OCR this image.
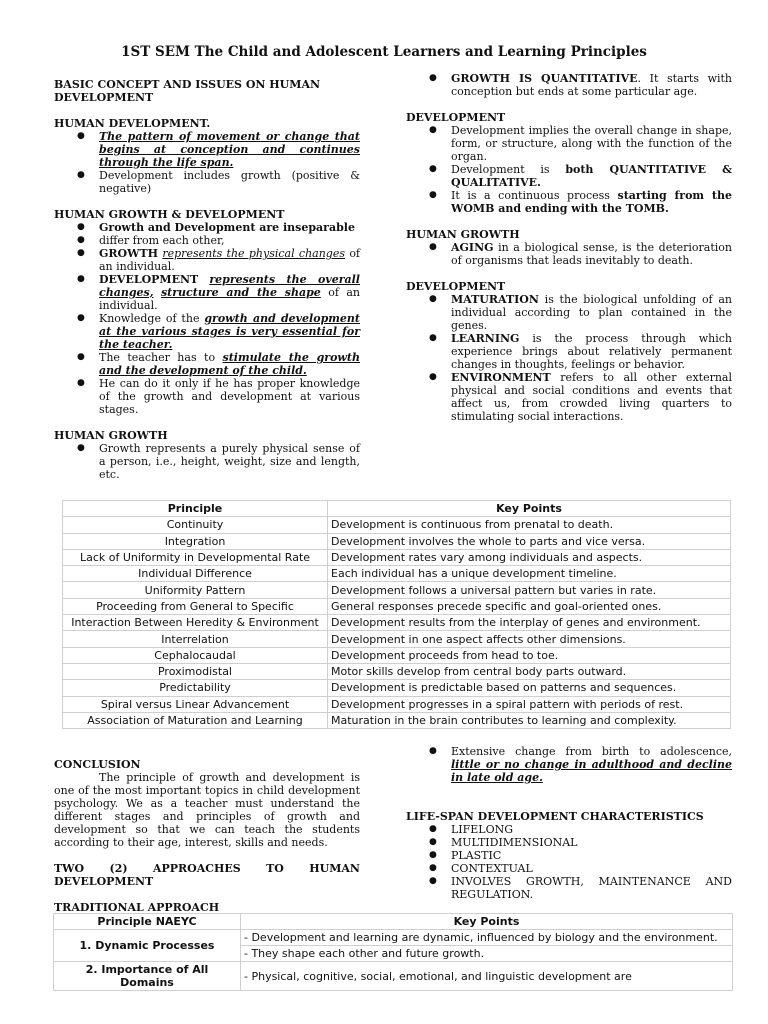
1ST SEM The Child and Adolescent Learners and Learning Principles

BASIC CONCEPT AND ISSUES ON HUMAN DEVELOPMENT

HUMAN DEVELOPMENT.

● The pattern of movement or change that begins at conception and continues through the life span.
● Development includes growth (positive & negative)

HUMAN GROWTH & DEVELOPMENT

● Growth and Development are inseparable
● differ from each other,
● GROWTH represents the physical changes of an individual.
● DEVELOPMENT represents the overall changes, structure and the shape of an individual.
● Knowledge of the growth and development at the various stages is very essential for the teacher.
● The teacher has to stimulate the growth and the development of the child.
● He can do it only if he has proper knowledge of the growth and development at various stages.

HUMAN GROWTH

● Growth represents a purely physical sense of a person, i.e., height, weight, size and length, etc.
● GROWTH IS QUANTITATIVE. It starts with conception but ends at some particular age.

DEVELOPMENT

● Development implies the overall change in shape, form, or structure, along with the function of the organ.
● Development is both QUANTITATIVE & QUALITATIVE.
● It is a continuous process starting from the WOMB and ending with the TOMB.

HUMAN GROWTH

● AGING in a biological sense, is the deterioration of organisms that leads inevitably to death.

DEVELOPMENT

● MATURATION is the biological unfolding of an individual according to plan contained in the genes.
● LEARNING is the process through which experience brings about relatively permanent changes in thoughts, feelings or behavior.
● ENVIRONMENT refers to all other external physical and social conditions and events that affect us, from crowded living quarters to stimulating social interactions.
Principle	Key Points
Continuity	Development is continuous from prenatal to death.
Integration	Development involves the whole to parts and vice versa.
Lack of Uniformity in Developmental Rate	Development rates vary among individuals and aspects.
Individual Difference	Each individual has a unique development timeline.
Uniformity Pattern	Development follows a universal pattern but varies in rate.
Proceeding from General to Specific	General responses precede specific and goal-oriented ones.
Interaction Between Heredity & Environment	Development results from the interplay of genes and environment.
Interrelation	Development in one aspect affects other dimensions.
Cephalocaudal	Development proceeds from head to toe.
Proximodistal	Motor skills develop from central body parts outward.
Predictability	Development is predictable based on patterns and sequences.
Spiral versus Linear Advancement	Development progresses in a spiral pattern with periods of rest.
Association of Maturation and Learning	Maturation in the brain contributes to learning and complexity.

CONCLUSION

The principle of growth and development is one of the most important topics in child development psychology. We as a teacher must understand the different stages and principles of growth and development so that we can teach the students according to their age, interest, skills and needs.

TWO (2) APPROACHES TO HUMAN DEVELOPMENT

TRADITIONAL APPROACH

● Extensive change from birth to adolescence, little or no change in adulthood and decline in late old age.

LIFE-SPAN DEVELOPMENT CHARACTERISTICS

● LIFELONG
● MULTIDIMENSIONAL
● PLASTIC
● CONTEXTUAL
● INVOLVES GROWTH, MAINTENANCE AND REGULATION.
Principle NAEYC	Key Points
1. Dynamic Processes	- Development and learning are dynamic, influenced by biology and the environment.
	- They shape each other and future growth.
2. Importance of All Domains	- Physical, cognitive, social, emotional, and linguistic development are
